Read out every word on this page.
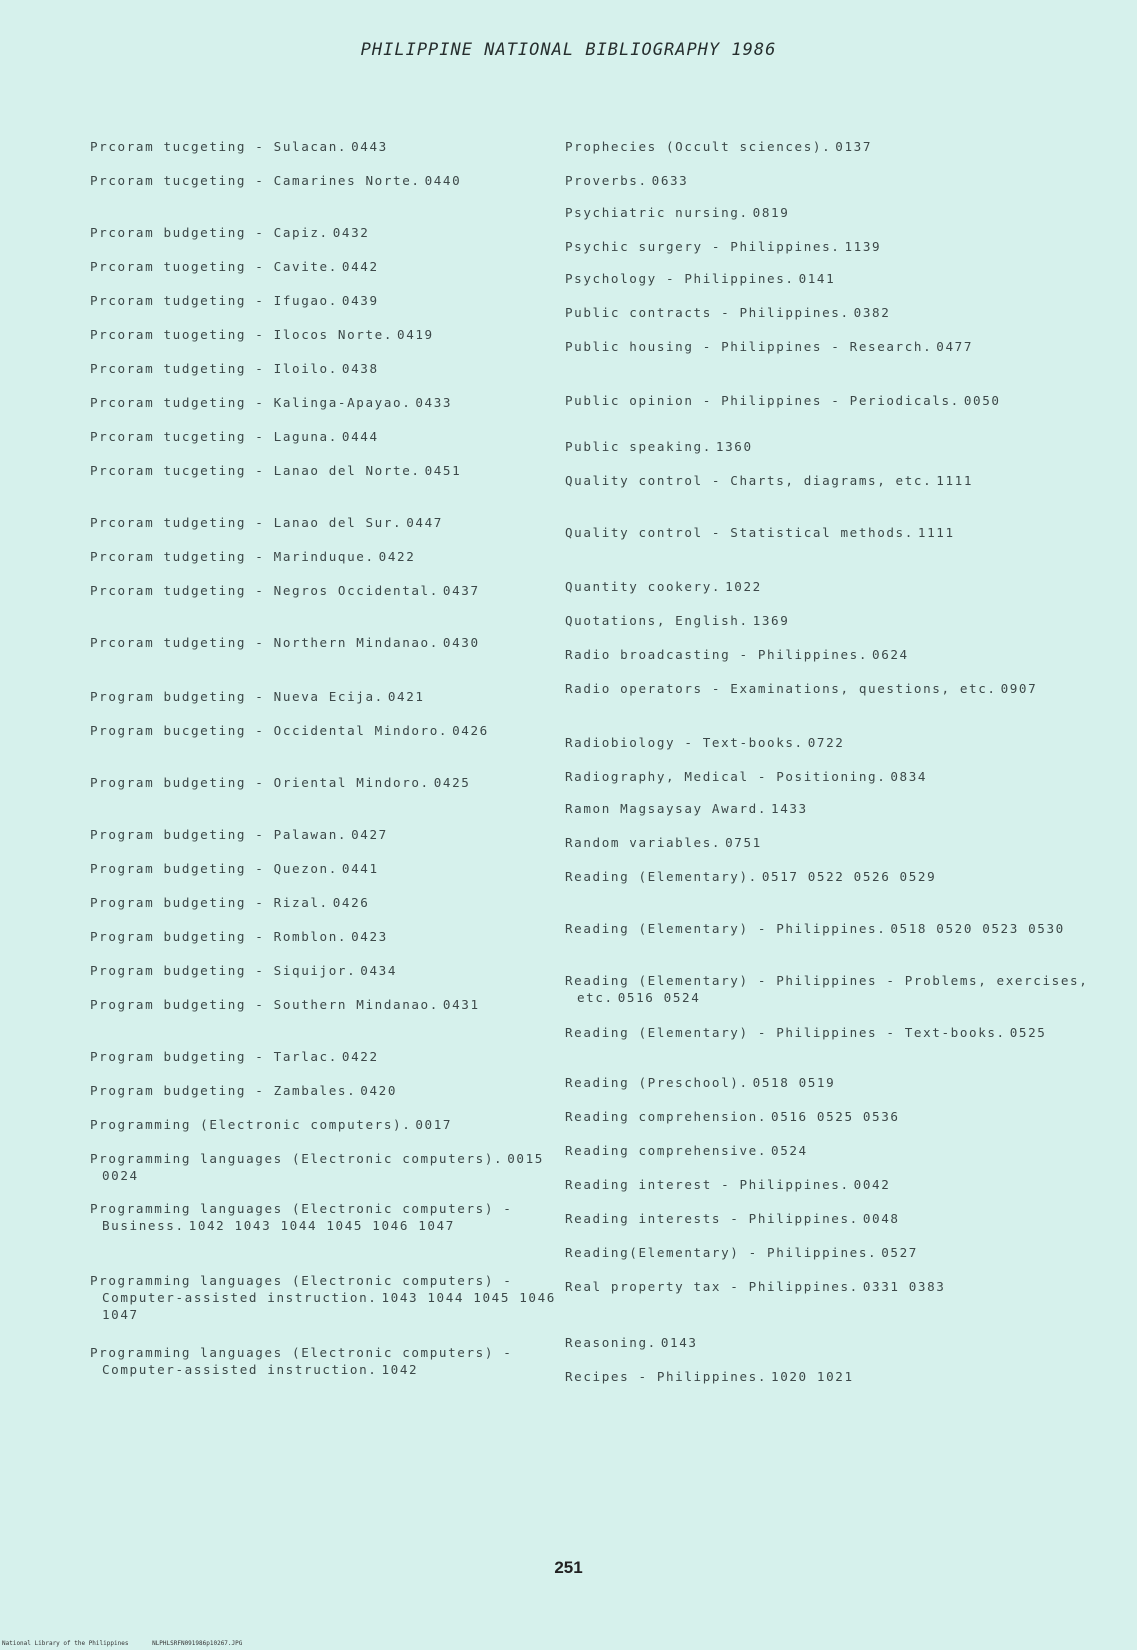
PHILIPPINE NATIONAL BIBLIOGRAPHY 1986
Prcoram tucgeting - Sulacan. 0443
Prcoram tucgeting - Camarines Norte. 0440
Prcoram budgeting - Capiz. 0432
Prcoram tuogeting - Cavite. 0442
Prcoram tudgeting - Ifugao. 0439
Prcoram tuogeting - Ilocos Norte. 0419
Prcoram tudgeting - Iloilo. 0438
Prcoram tudgeting - Kalinga-Apayao. 0433
Prcoram tucgeting - Laguna. 0444
Prcoram tucgeting - Lanao del Norte. 0451
Prcoram tudgeting - Lanao del Sur. 0447
Prcoram tudgeting - Marinduque. 0422
Prcoram tudgeting - Negros Occidental. 0437
Prcoram tudgeting - Northern Mindanao. 0430
Program budgeting - Nueva Ecija. 0421
Program bucgeting - Occidental Mindoro. 0426
Program budgeting - Oriental Mindoro. 0425
Program budgeting - Palawan. 0427
Program budgeting - Quezon. 0441
Program budgeting - Rizal. 0426
Program budgeting - Romblon. 0423
Program budgeting - Siquijor. 0434
Program budgeting - Southern Mindanao. 0431
Program budgeting - Tarlac. 0422
Program budgeting - Zambales. 0420
Programming (Electronic computers). 0017
Programming languages (Electronic computers). 0015 0024
Programming languages (Electronic computers) - Business. 1042 1043 1044 1045 1046 1047
Programming languages (Electronic computers) - Computer-assisted instruction. 1043 1044 1045 1046 1047
Programming languages (Electronic computers) - Computer-assisted instruction. 1042
Prophecies (Occult sciences). 0137
Proverbs. 0633
Psychiatric nursing. 0819
Psychic surgery - Philippines. 1139
Psychology - Philippines. 0141
Public contracts - Philippines. 0382
Public housing - Philippines - Research. 0477
Public opinion - Philippines - Periodicals. 0050
Public speaking. 1360
Quality control - Charts, diagrams, etc. 1111
Quality control - Statistical methods. 1111
Quantity cookery. 1022
Quotations, English. 1369
Radio broadcasting - Philippines. 0624
Radio operators - Examinations, questions, etc. 0907
Radiobiology - Text-books. 0722
Radiography, Medical - Positioning. 0834
Ramon Magsaysay Award. 1433
Random variables. 0751
Reading (Elementary). 0517 0522 0526 0529
Reading (Elementary) - Philippines. 0518 0520 0523 0530
Reading (Elementary) - Philippines - Problems, exercises, etc. 0516 0524
Reading (Elementary) - Philippines - Text-books. 0525
Reading (Preschool). 0518 0519
Reading comprehension. 0516 0525 0536
Reading comprehensive. 0524
Reading interest - Philippines. 0042
Reading interests - Philippines. 0048
Reading(Elementary) - Philippines. 0527
Real property tax - Philippines. 0331 0383
Reasoning. 0143
Recipes - Philippines. 1020 1021
251
National Library of the Philippines	NLPHLSRFN091986p10267.JPG
